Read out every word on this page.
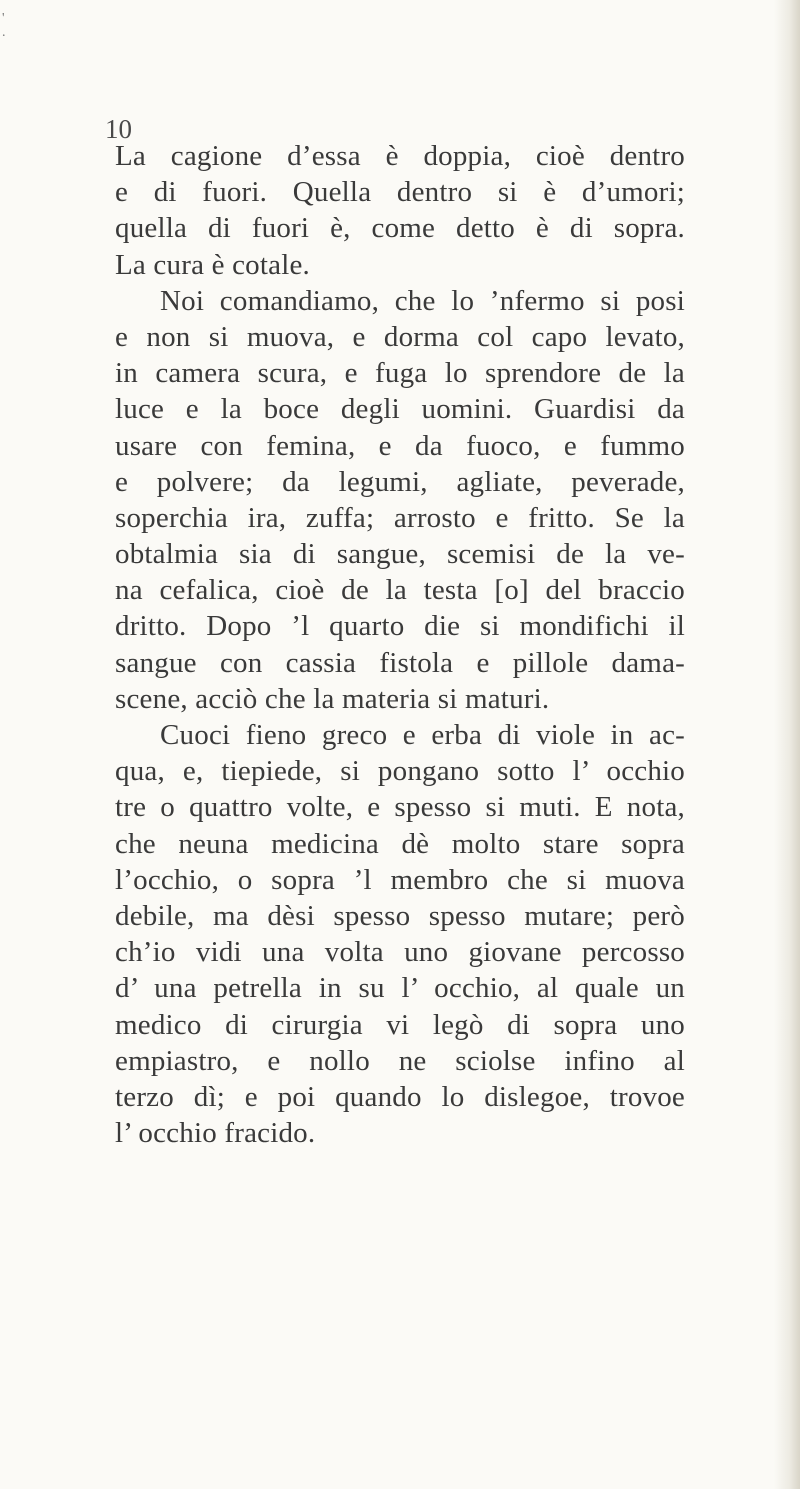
' .
10
La cagione d’essa è doppia, cioè dentro
e di fuori. Quella dentro si è d’umori;
quella di fuori è, come detto è di sopra.
La cura è cotale.
Noi comandiamo, che lo ’nfermo si posi
e non si muova, e dorma col capo levato,
in camera scura, e fuga lo sprendore de la
luce e la boce degli uomini. Guardisi da
usare con femina, e da fuoco, e fummo
e polvere; da legumi, agliate, peverade,
soperchia ira, zuffa; arrosto e fritto. Se la
obtalmia sia di sangue, scemisi de la ve-
na cefalica, cioè de la testa [o] del braccio
dritto. Dopo ’l quarto die si mondifichi il
sangue con cassia fistola e pillole dama-
scene, acciò che la materia si maturi.
Cuoci fieno greco e erba di viole in ac-
qua, e, tiepiede, si pongano sotto l’ occhio
tre o quattro volte, e spesso si muti. E nota,
che neuna medicina dè molto stare sopra
l’occhio, o sopra ’l membro che si muova
debile, ma dèsi spesso spesso mutare; però
ch’io vidi una volta uno giovane percosso
d’ una petrella in su l’ occhio, al quale un
medico di cirurgia vi legò di sopra uno
empiastro, e nollo ne sciolse infino al
terzo dì; e poi quando lo dislegoe, trovoe
l’ occhio fracido.
